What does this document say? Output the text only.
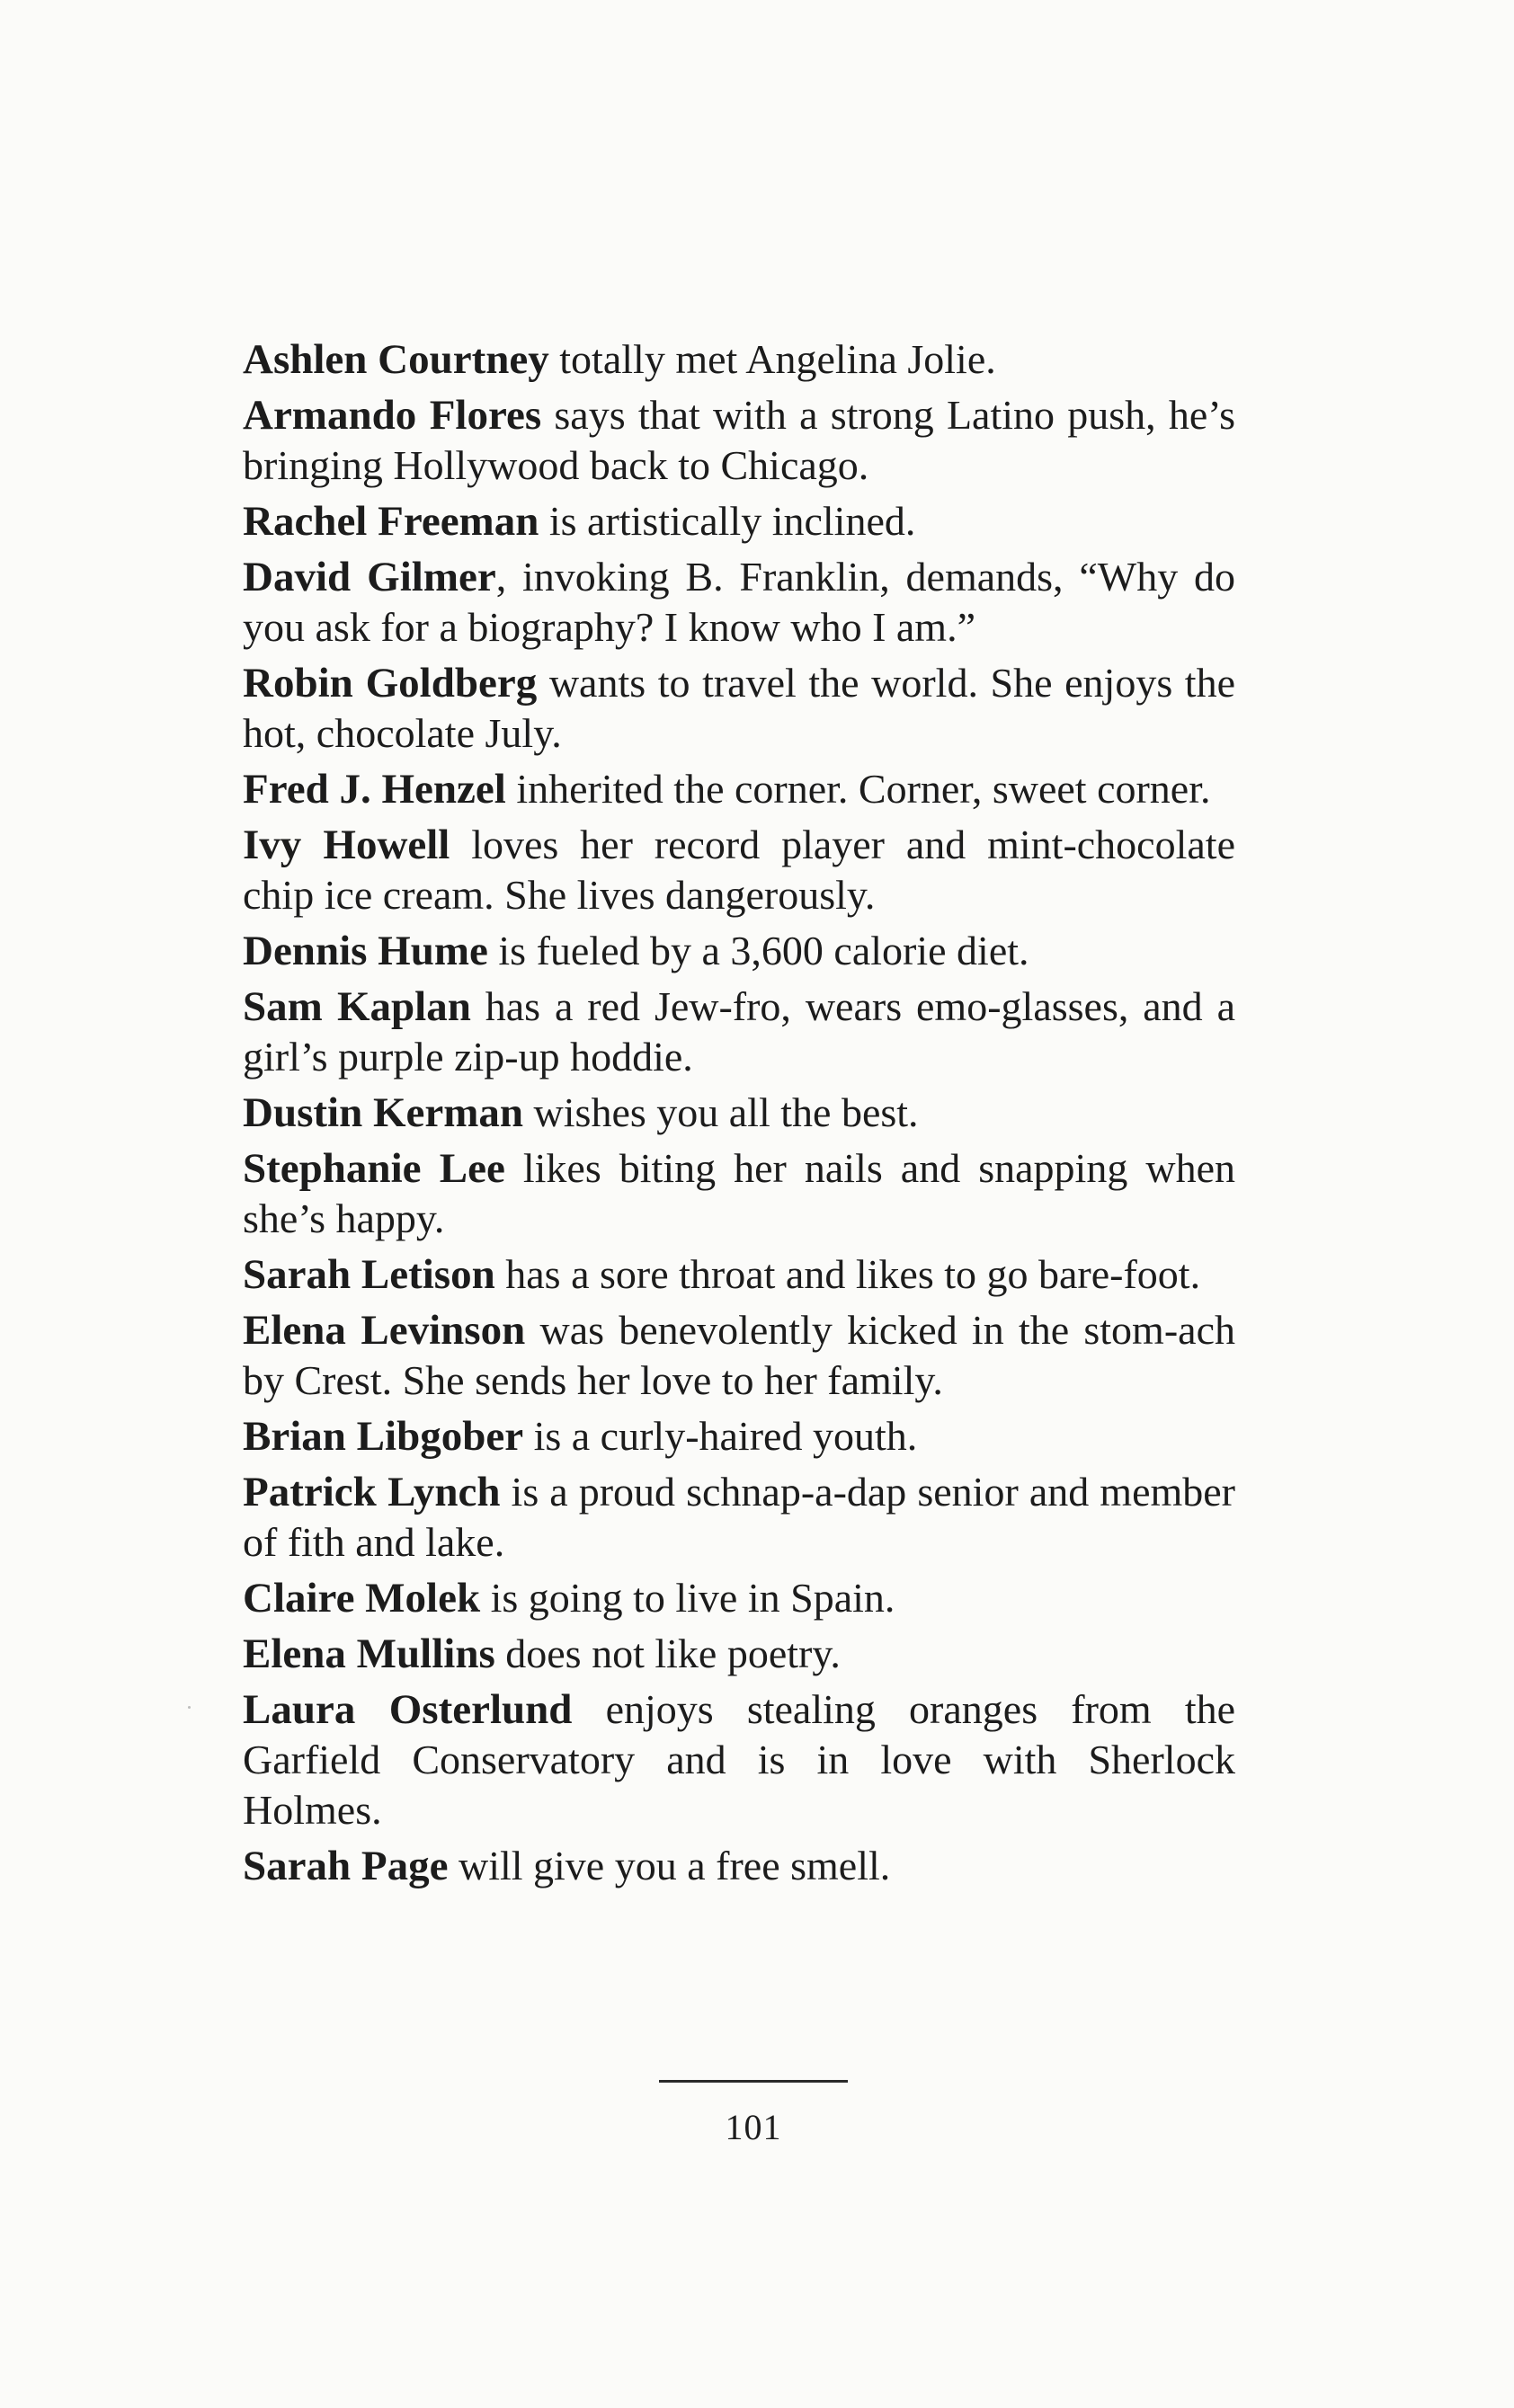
Ashlen Courtney totally met Angelina Jolie.

Armando Flores says that with a strong Latino push, he’s bringing Hollywood back to Chicago.

Rachel Freeman is artistically inclined.

David Gilmer, invoking B. Franklin, demands, “Why do you ask for a biography? I know who I am.”

Robin Goldberg wants to travel the world. She enjoys the hot, chocolate July.

Fred J. Henzel inherited the corner. Corner, sweet corner.

Ivy Howell loves her record player and mint-chocolate chip ice cream. She lives dangerously.

Dennis Hume is fueled by a 3,600 calorie diet.

Sam Kaplan has a red Jew-fro, wears emo-glasses, and a girl’s purple zip-up hoddie.

Dustin Kerman wishes you all the best.

Stephanie Lee likes biting her nails and snapping when she’s happy.

Sarah Letison has a sore throat and likes to go bare-foot.

Elena Levinson was benevolently kicked in the stom-ach by Crest. She sends her love to her family.

Brian Libgober is a curly-haired youth.

Patrick Lynch is a proud schnap-a-dap senior and member of fith and lake.

Claire Molek is going to live in Spain.

Elena Mullins does not like poetry.

Laura Osterlund enjoys stealing oranges from the Garfield Conservatory and is in love with Sherlock Holmes.

Sarah Page will give you a free smell.

101
